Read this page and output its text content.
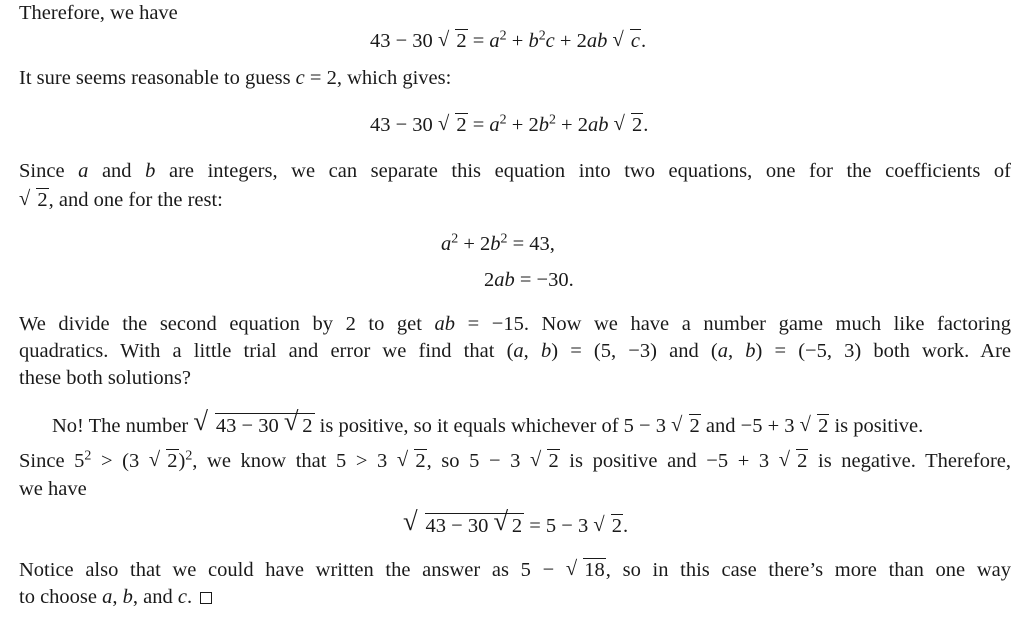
Therefore, we have
43 − 30 √ $2 = a^2 + b^2c + 2ab$ √ c.
It sure seems reasonable to guess c = 2, which gives:
43 − 30 √ $2 = a^2 + 2b^2 + 2ab$ √ 2.
Since a and b are integers, we can separate this equation into two equations, one for the coefficients of
√ 2, and one for the rest:
$a^2 + 2b^2 = 43$,
2ab = −30.
We divide the second equation by 2 to get ab = −15. Now we have a number game much like factoring
quadratics. With a little trial and error we find that (a, b) = (5, −3) and (a, b) = (−5, 3) both work. Are
these both solutions?
No! The number √ 43 − 30 √ 2 is positive, so it equals whichever of 5 − 3 √ 2 and −5 + 3 √ 2 is positive.
Since $5^2 > (3$ √ 2)$^2$, we know that 5 > 3 √ 2, so 5 − 3 √ 2 is positive and −5 + 3 √ 2 is negative. Therefore,
we have
√ 43 − 30 √ 2 = 5 − 3 √ 2.
Notice also that we could have written the answer as 5 − √ 18, so in this case there’s more than one way
to choose a, b, and c.
